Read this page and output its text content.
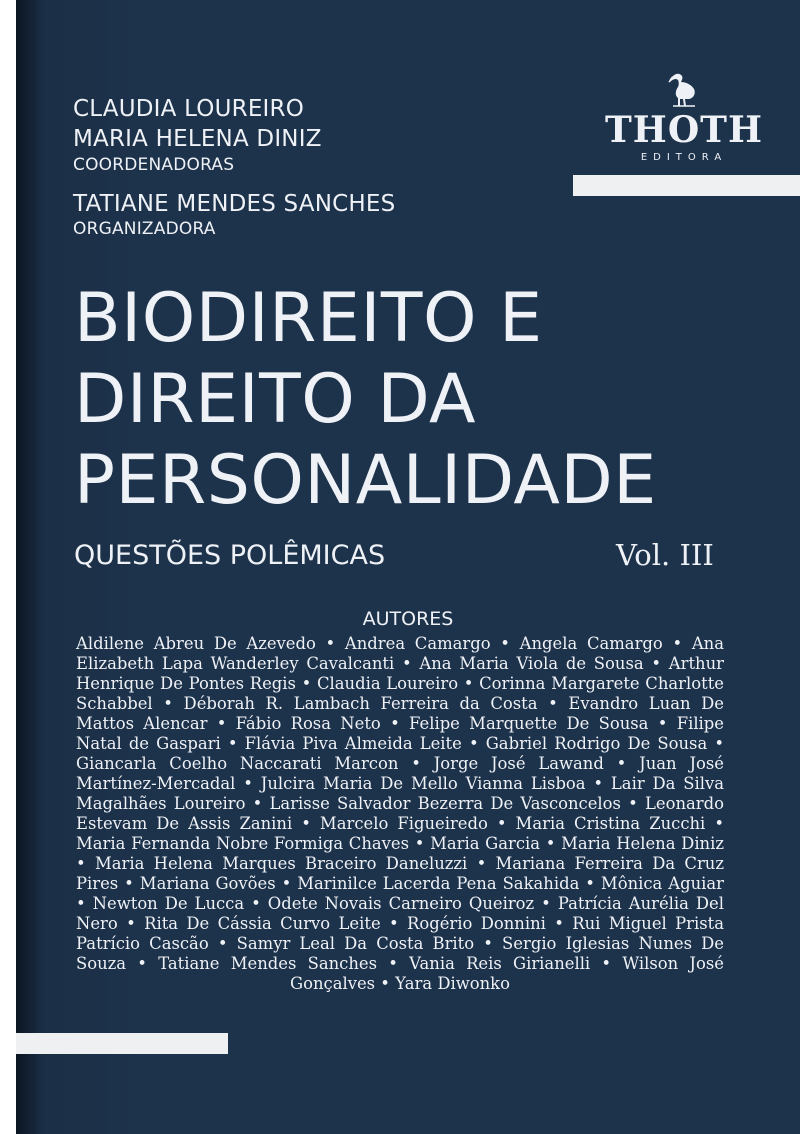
CLAUDIA LOUREIRO
MARIA HELENA DINIZ
COORDENADORAS
TATIANE MENDES SANCHES
ORGANIZADORA
THOTH
EDITORA
BIODIREITO E
DIREITO DA
PERSONALIDADE
QUESTÕES POLÊMICAS	Vol. III
AUTORES

Aldilene Abreu De Azevedo • Andrea Camargo • Angela Camargo • Ana Elizabeth Lapa Wanderley Cavalcanti • Ana Maria Viola de Sousa • Arthur Henrique De Pontes Regis • Claudia Loureiro • Corinna Margarete Charlotte Schabbel • Déborah R. Lambach Ferreira da Costa • Evandro Luan De Mattos Alencar • Fábio Rosa Neto • Felipe Marquette De Sousa • Filipe Natal de Gaspari • Flávia Piva Almeida Leite • Gabriel Rodrigo De Sousa • Giancarla Coelho Naccarati Marcon • Jorge José Lawand • Juan José Martínez-Mercadal • Julcira Maria De Mello Vianna Lisboa • Lair Da Silva Magalhães Loureiro • Larisse Salvador Bezerra De Vasconcelos • Leonardo Estevam De Assis Zanini • Marcelo Figueiredo • Maria Cristina Zucchi • Maria Fernanda Nobre Formiga Chaves • Maria Garcia • Maria Helena Diniz • Maria Helena Marques Braceiro Daneluzzi • Mariana Ferreira Da Cruz Pires • Mariana Govões • Marinilce Lacerda Pena Sakahida • Mônica Aguiar • Newton De Lucca • Odete Novais Carneiro Queiroz • Patrícia Aurélia Del Nero • Rita De Cássia Curvo Leite • Rogério Donnini • Rui Miguel Prista Patrício Cascão • Samyr Leal Da Costa Brito • Sergio Iglesias Nunes De Souza • Tatiane Mendes Sanches • Vania Reis Girianelli • Wilson José Gonçalves • Yara Diwonko
